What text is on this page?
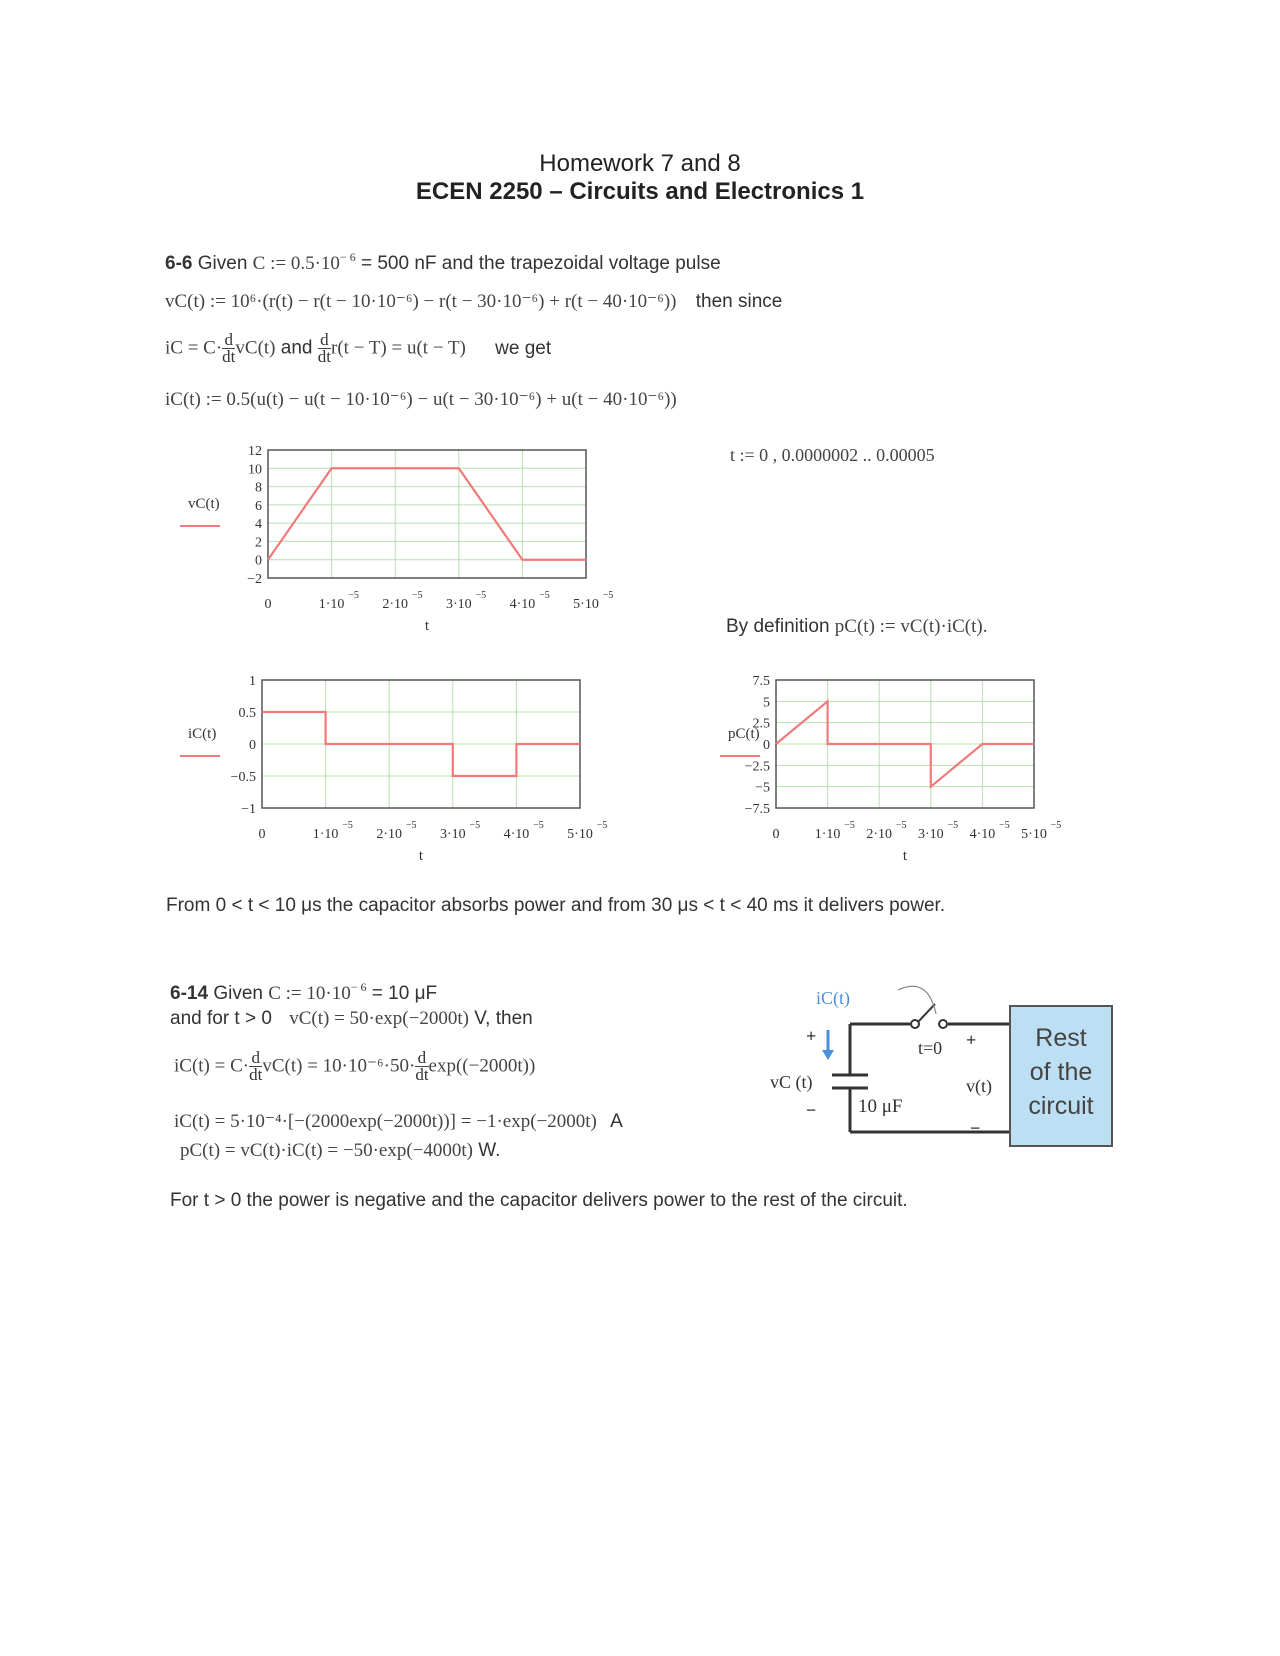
Homework 7 and 8
ECEN 2250 – Circuits and Electronics 1
6-6 Given C := $0.5\cdot 10^{- 6} = 500$ nF and the trapezoidal voltage pulse
vC(t) := 10⁶·(r(t) − r(t − 10·10⁻⁶) − r(t − 30·10⁻⁶) + r(t − 40·10⁻⁶)) then since
iC = $C\cdot \frac{d}{dt} vC(t)$ and $\frac{d}{dt} r(t - T) = u(t - T)$ we get
iC(t) := 0.5(u(t) − u(t − 10·10⁻⁶) − u(t − 30·10⁻⁶) + u(t − 40·10⁻⁶))
t := 0 , 0.0000002 .. 0.00005
By definition pC(t) := vC(t)·iC(t).
vC(t)
−2
0
2
4
6
8
10
12
0	1·10
−5
2·10
−5
3·10
−5
4·10
−5
5·10
−5
t
iC(t)
−1
−0.5
0
0.5
1
0	1·10
−5
2·10
−5
3·10
−5
4·10
−5
5·10
−5
t
pC(t)
−7.5
−5
−2.5
0
2.5
5
7.5
0	1·10
−5
2·10
−5
3·10
−5
4·10
−5
5·10
−5
t
From 0 < t < 10 μs the capacitor absorbs power and from 30 μs < t < 40 ms it delivers power.
6-14 Given C := $10\cdot 10^{- 6} = 10$ μF
and for t > 0 vC(t) = 50·exp(−2000t) V, then
$iC(t) = C\cdot \frac{d}{dt} vC(t) = 10\cdot 10^{-6}\cdot 50\cdot \frac{d}{dt} \exp((-2000t))$
iC(t) = 5·10⁻⁴·[−(2000exp(−2000t))] = −1·exp(−2000t) A
pC(t) = vC(t)·iC(t) = −50·exp(−4000t) W.
For t > 0 the power is negative and the capacitor delivers power to the rest of the circuit.
iC(t)
+
vC (t)
− 10 μF
t=0 +
v(t)
−
Rest
of the
circuit
